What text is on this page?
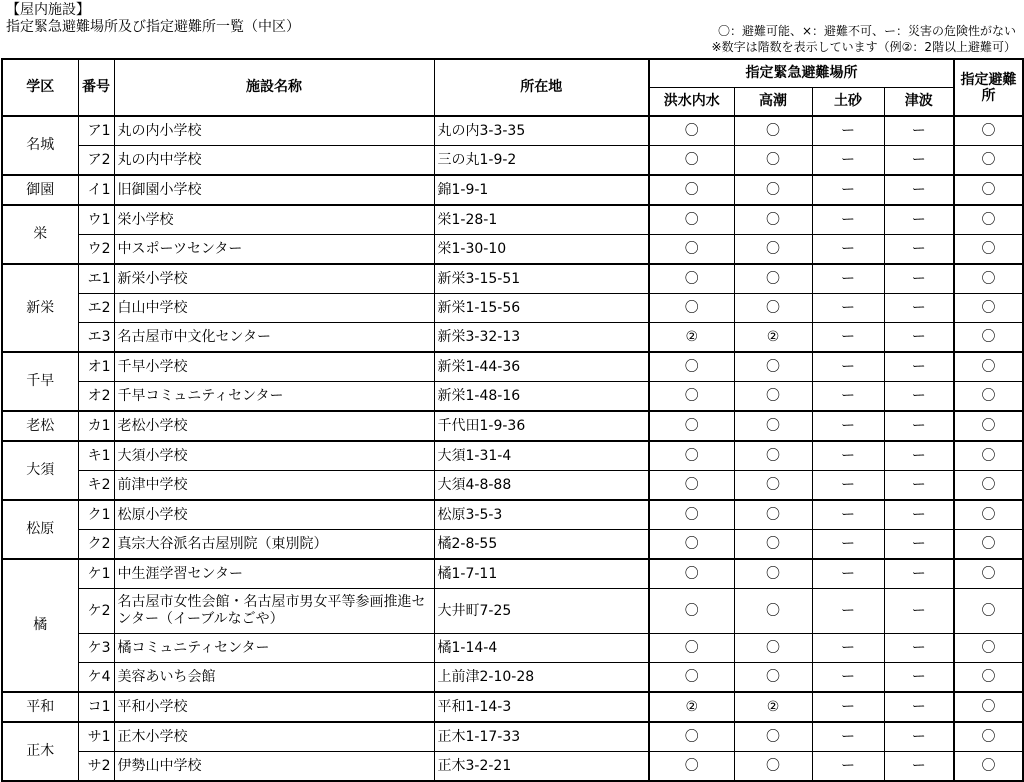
【屋内施設】
指定緊急避難場所及び指定避難所一覧（中区）	〇：避難可能、×：避難不可、ー：災害の危険性がない
※数字は階数を表示しています（例②：2階以上避難可）
学区	番号	施設名称	所在地	指定緊急避難場所				指定避難所
				洪水内水	高潮	土砂	津波	
名城	ア1	丸の内小学校	丸の内3-3-35	〇	〇	ー	ー	〇
	ア2	丸の内中学校	三の丸1-9-2	〇	〇	ー	ー	〇
御園	イ1	旧御園小学校	錦1-9-1	〇	〇	ー	ー	〇
栄	ウ1	栄小学校	栄1-28-1	〇	〇	ー	ー	〇
	ウ2	中スポーツセンター	栄1-30-10	〇	〇	ー	ー	〇
新栄	エ1	新栄小学校	新栄3-15-51	〇	〇	ー	ー	〇
	エ2	白山中学校	新栄1-15-56	〇	〇	ー	ー	〇
	エ3	名古屋市中文化センター	新栄3-32-13	②	②	ー	ー	〇
千早	オ1	千早小学校	新栄1-44-36	〇	〇	ー	ー	〇
	オ2	千早コミュニティセンター	新栄1-48-16	〇	〇	ー	ー	〇
老松	カ1	老松小学校	千代田1-9-36	〇	〇	ー	ー	〇
大須	キ1	大須小学校	大須1-31-4	〇	〇	ー	ー	〇
	キ2	前津中学校	大須4-8-88	〇	〇	ー	ー	〇
松原	ク1	松原小学校	松原3-5-3	〇	〇	ー	ー	〇
	ク2	真宗大谷派名古屋別院（東別院）	橘2-8-55	〇	〇	ー	ー	〇
橘	ケ1	中生涯学習センター	橘1-7-11	〇	〇	ー	ー	〇
	ケ2	名古屋市女性会館・名古屋市男女平等参画推進センター（イーブルなごや）	大井町7-25	〇	〇	ー	ー	〇
	ケ3	橘コミュニティセンター	橘1-14-4	〇	〇	ー	ー	〇
	ケ4	美容あいち会館	上前津2-10-28	〇	〇	ー	ー	〇
平和	コ1	平和小学校	平和1-14-3	②	②	ー	ー	〇
正木	サ1	正木小学校	正木1-17-33	〇	〇	ー	ー	〇
	サ2	伊勢山中学校	正木3-2-21	〇	〇	ー	ー	〇
